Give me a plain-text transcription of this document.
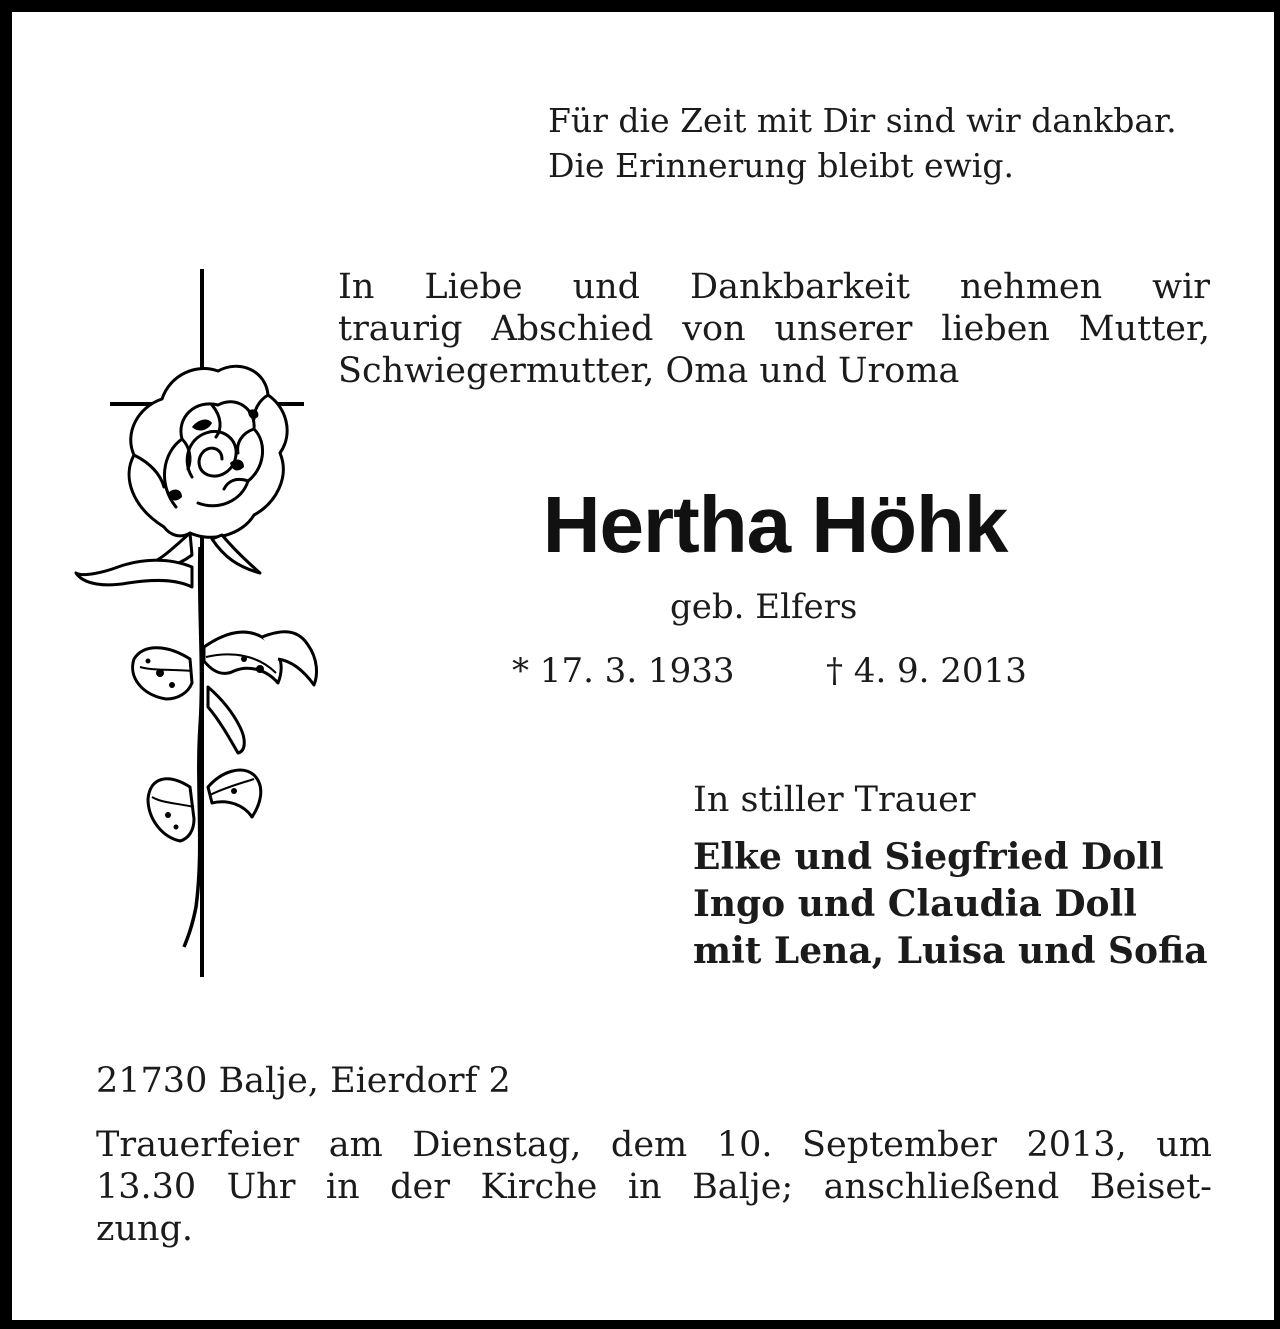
Für die Zeit mit Dir sind wir dankbar.
Die Erinnerung bleibt ewig.
In Liebe und Dankbarkeit nehmen wir
traurig Abschied von unserer lieben Mutter,
Schwiegermutter, Oma und Uroma
Hertha Höhk
geb. Elfers
* 17. 3. 1933	† 4. 9. 2013
In stiller Trauer
Elke und Siegfried Doll
Ingo und Claudia Doll
mit Lena, Luisa und Sofia
21730 Balje, Eierdorf 2
Trauerfeier am Dienstag, dem 10. September 2013, um
13.30 Uhr in der Kirche in Balje; anschließend Beiset-
zung.
